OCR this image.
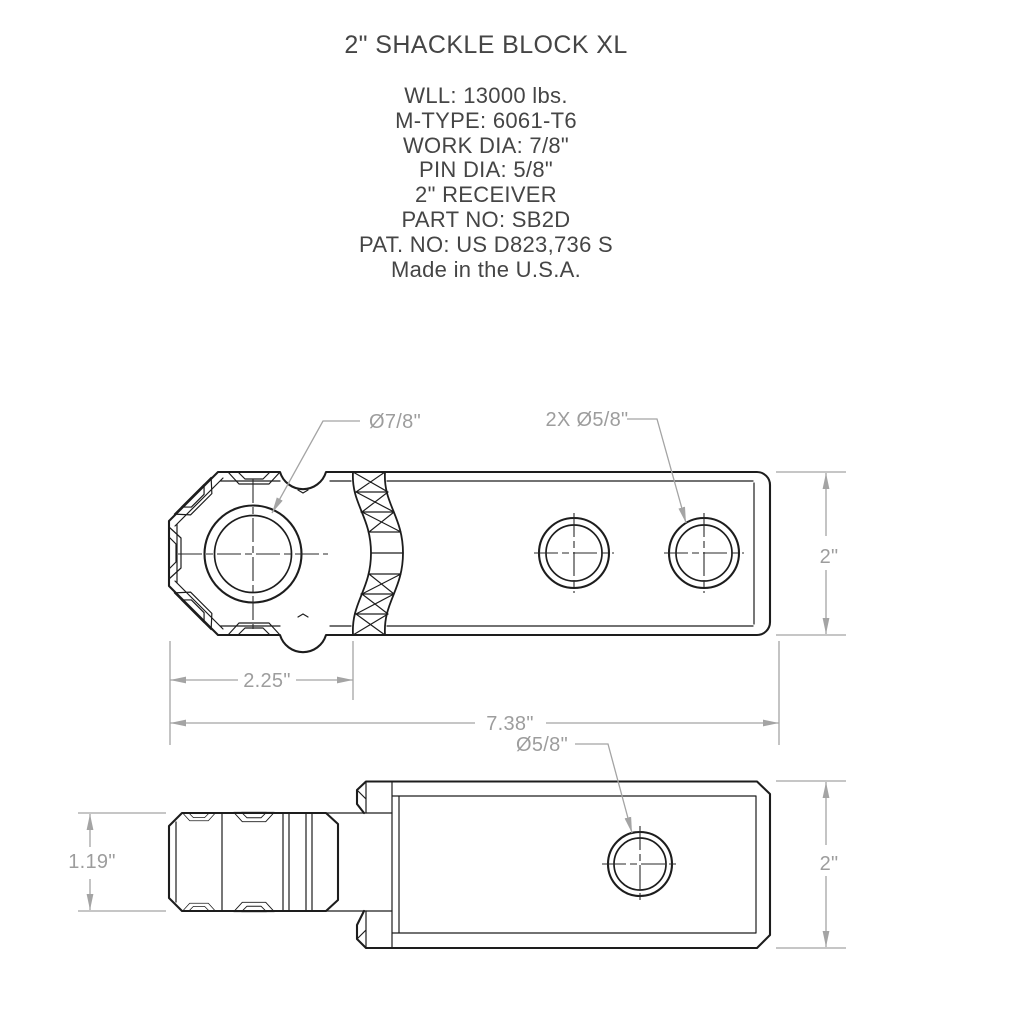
2" SHACKLE BLOCK XL
WLL: 13000 lbs.
M-TYPE: 6061-T6
WORK DIA: 7/8"
PIN DIA: 5/8"
2" RECEIVER
PART NO: SB2D
PAT. NO: US D823,736 S
Made in the U.S.A.
Ø7/8"	2X Ø5/8"
2"
2.25"
7.38"
Ø5/8"
1.19"	2"
